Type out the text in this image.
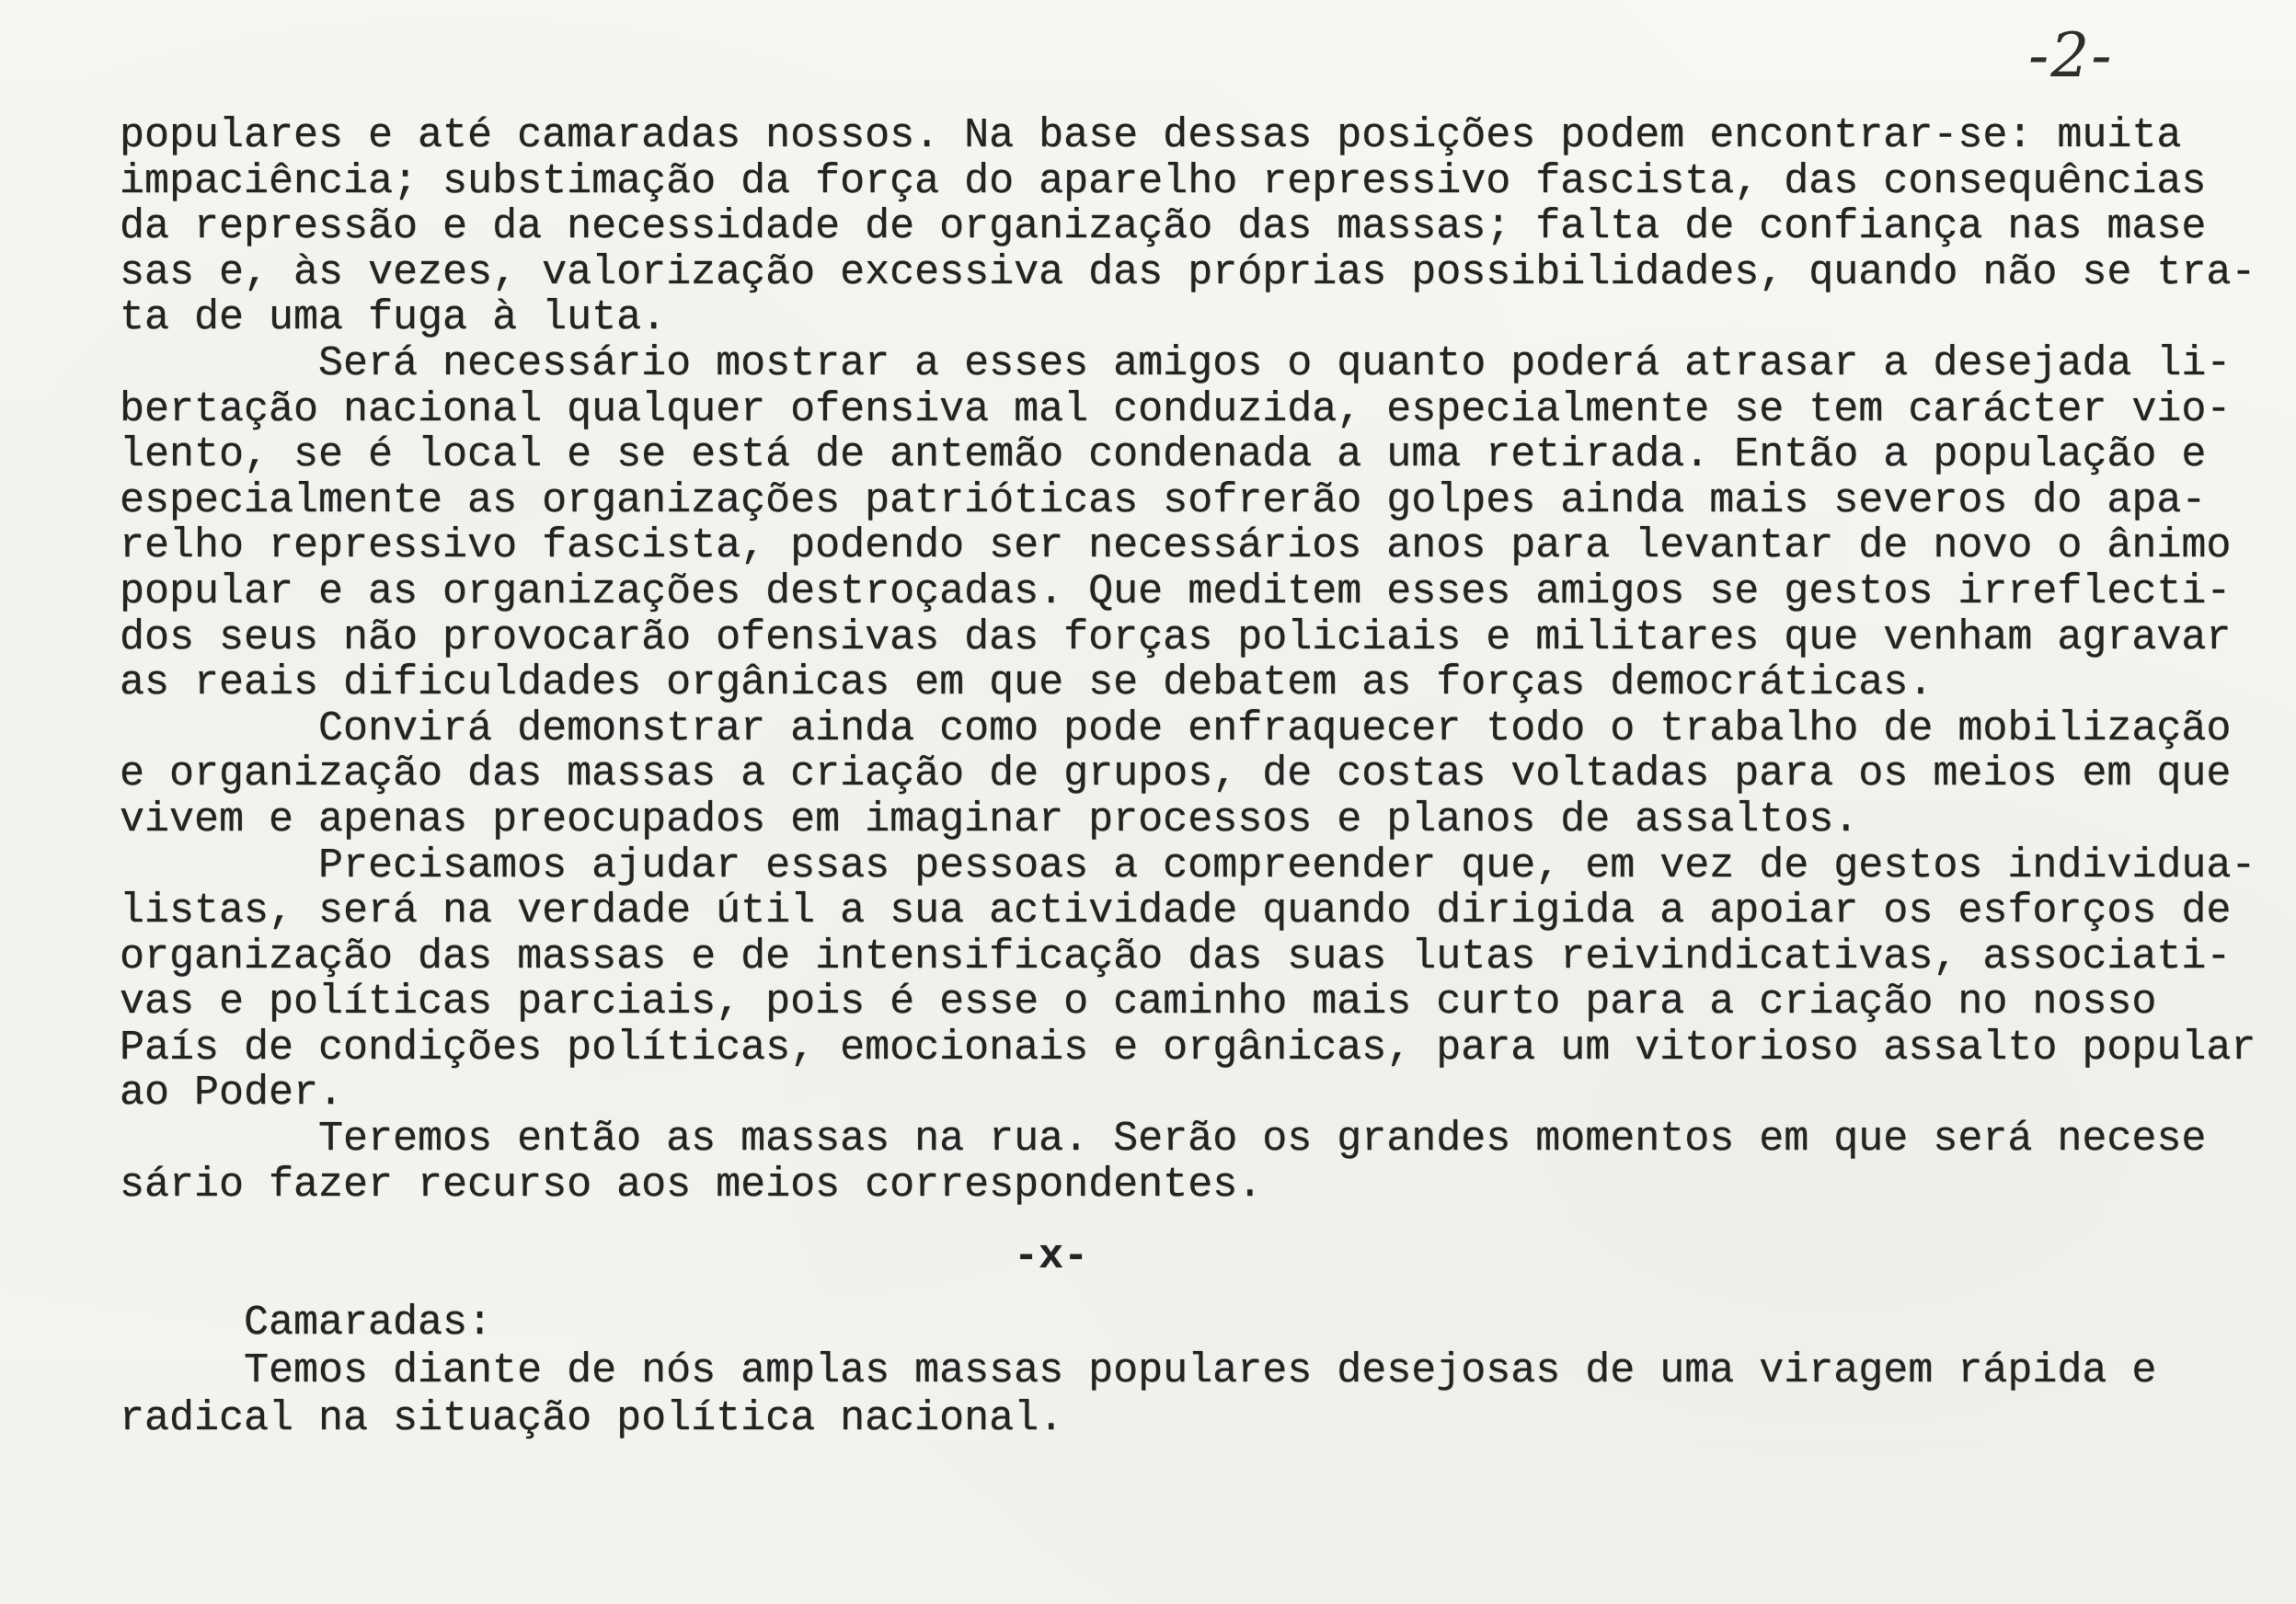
-2-
populares e até camaradas nossos. Na base dessas posições podem encontrar-se: muita
impaciência; substimação da força do aparelho repressivo fascista, das consequências
da repressão e da necessidade de organização das massas; falta de confiança nas mase
sas e, às vezes, valorização excessiva das próprias possibilidades, quando não se tra-
ta de uma fuga à luta.
Será necessário mostrar a esses amigos o quanto poderá atrasar a desejada li-
bertação nacional qualquer ofensiva mal conduzida, especialmente se tem carácter vio-
lento, se é local e se está de antemão condenada a uma retirada. Então a população e
especialmente as organizações patrióticas sofrerão golpes ainda mais severos do apa-
relho repressivo fascista, podendo ser necessários anos para levantar de novo o ânimo
popular e as organizações destroçadas. Que meditem esses amigos se gestos irreflecti-
dos seus não provocarão ofensivas das forças policiais e militares que venham agravar
as reais dificuldades orgânicas em que se debatem as forças democráticas.
Convirá demonstrar ainda como pode enfraquecer todo o trabalho de mobilização
e organização das massas a criação de grupos, de costas voltadas para os meios em que
vivem e apenas preocupados em imaginar processos e planos de assaltos.
Precisamos ajudar essas pessoas a compreender que, em vez de gestos individua-
listas, será na verdade útil a sua actividade quando dirigida a apoiar os esforços de
organização das massas e de intensificação das suas lutas reivindicativas, associati-
vas e políticas parciais, pois é esse o caminho mais curto para a criação no nosso
País de condições políticas, emocionais e orgânicas, para um vitorioso assalto popular
ao Poder.
Teremos então as massas na rua. Serão os grandes momentos em que será necese
sário fazer recurso aos meios correspondentes.
-x-
Camaradas:
Temos diante de nós amplas massas populares desejosas de uma viragem rápida e
radical na situação política nacional.
